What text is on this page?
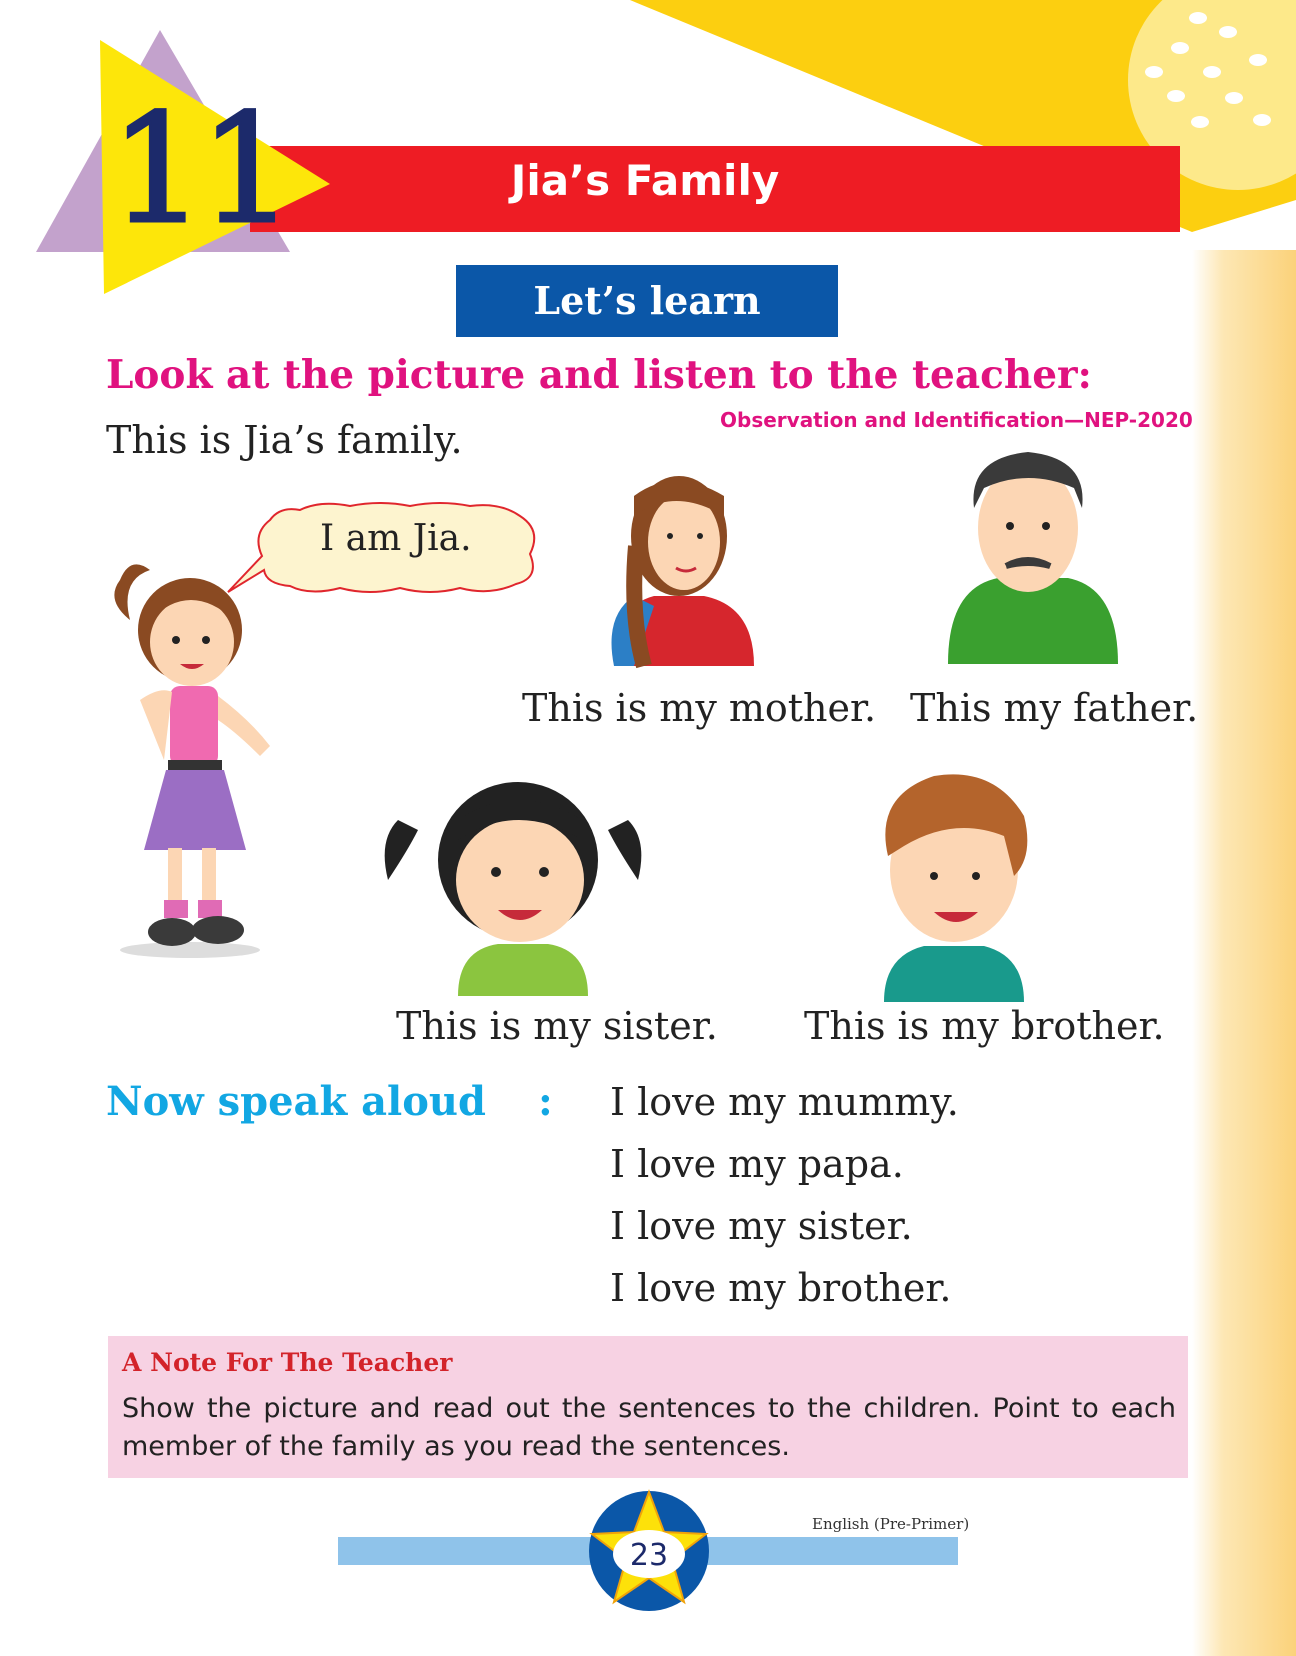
11	Jia’s Family
Let’s learn
Look at the picture and listen to the teacher:
Observation and Identification—NEP-2020
This is Jia’s family.
I am Jia.
This is my mother. This my father.
This is my sister. This is my brother.
Now speak aloud : I love my mummy.
I love my papa.
I love my sister.
I love my brother.
A Note For The Teacher
Show the picture and read out the sentences to the children. Point to each member of the family as you read the sentences.
English (Pre-Primer)
23
